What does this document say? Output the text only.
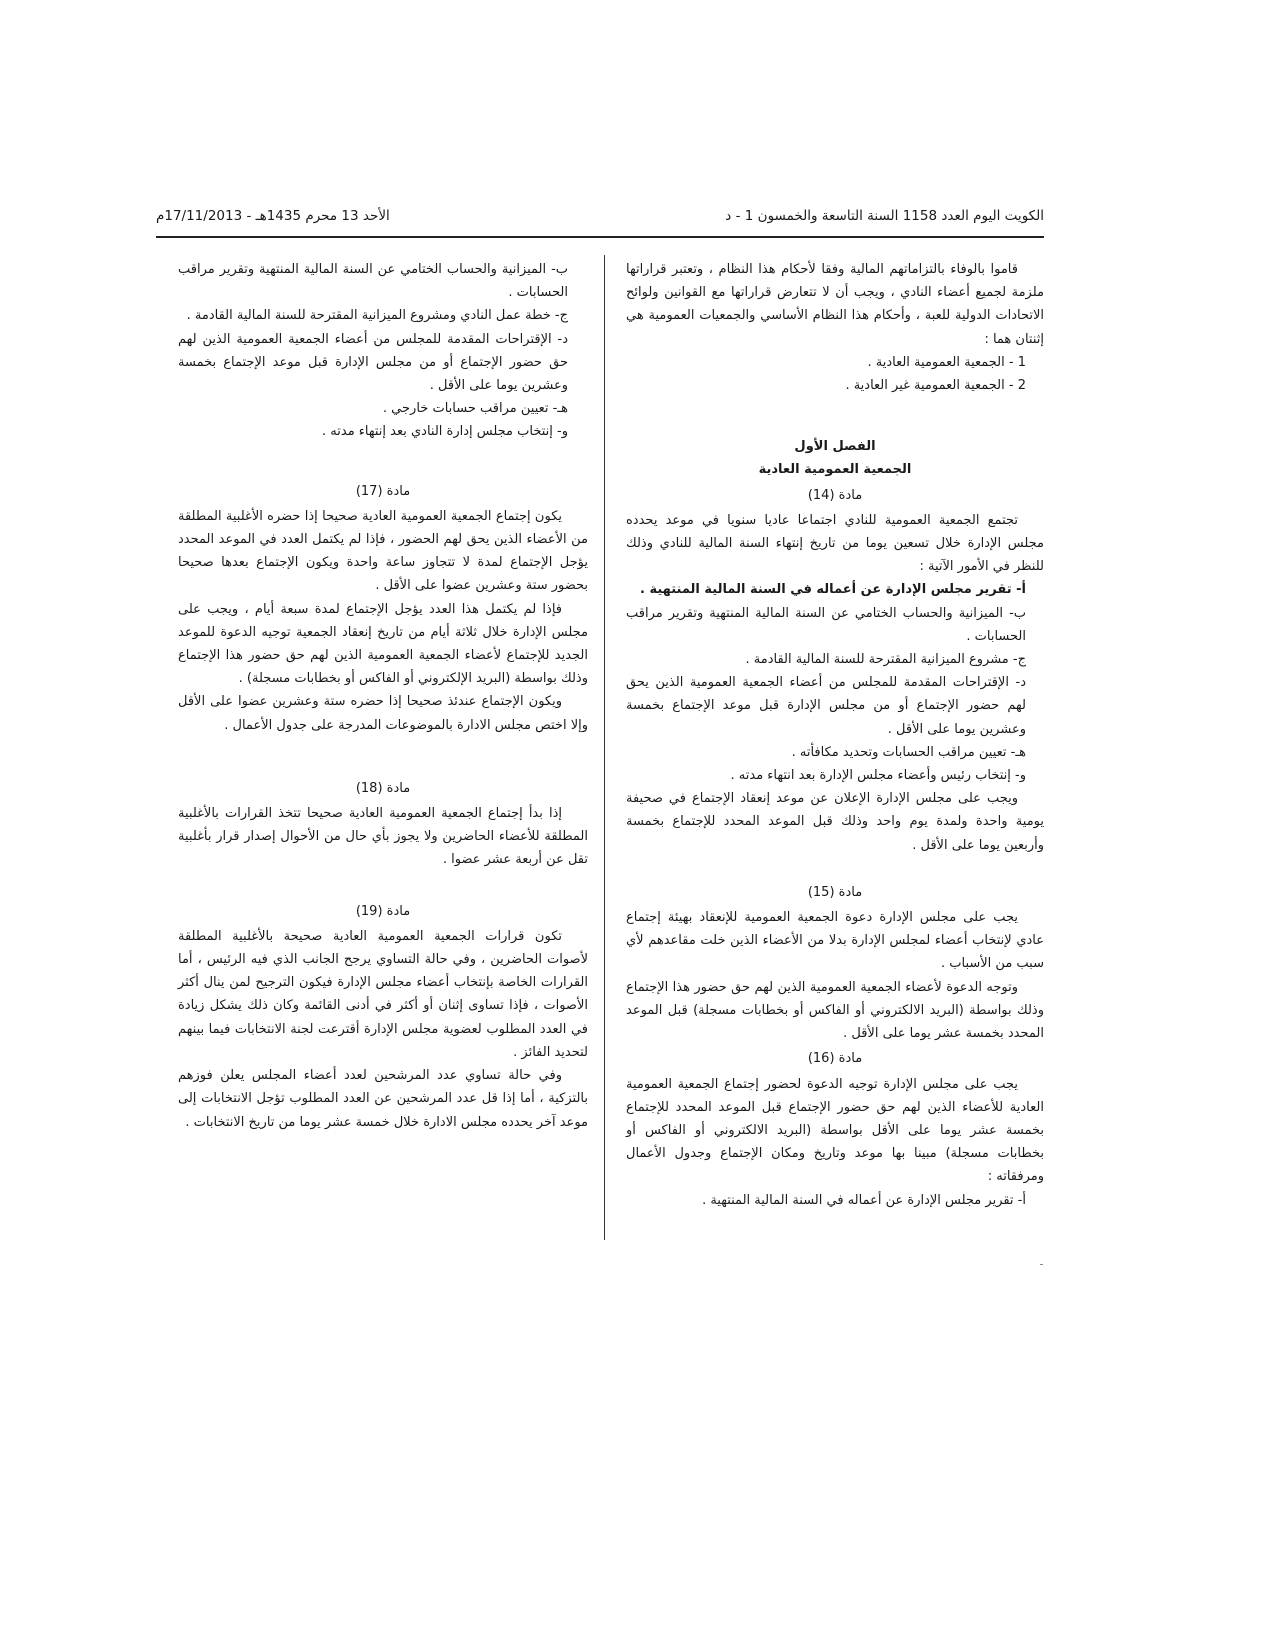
الكويت اليوم العدد 1158 السنة التاسعة والخمسون 1 - د
الأحد 13 محرم 1435هـ - 17/11/2013م

قاموا بالوفاء بالتزاماتهم المالية وفقا لأحكام هذا النظام ، وتعتبر قراراتها ملزمة لجميع أعضاء النادي ، ويجب أن لا تتعارض قراراتها مع القوانين ولوائح الاتحادات الدولية للعبة ، وأحكام هذا النظام الأساسي والجمعيات العمومية هي إثنتان هما :

1 - الجمعية العمومية العادية .

2 - الجمعية العمومية غير العادية .

الفصل الأول
الجمعية العمومية العادية
مادة (14)

تجتمع الجمعية العمومية للنادي اجتماعا عاديا سنويا في موعد يحدده مجلس الإدارة خلال تسعين يوما من تاريخ إنتهاء السنة المالية للنادي وذلك للنظر في الأمور الآتية :

أ- تقرير مجلس الإدارة عن أعماله في السنة المالية المنتهية .

ب- الميزانية والحساب الختامي عن السنة المالية المنتهية وتقرير مراقب الحسابات .

ج- مشروع الميزانية المقترحة للسنة المالية القادمة .

د- الإقتراحات المقدمة للمجلس من أعضاء الجمعية العمومية الذين يحق لهم حضور الإجتماع أو من مجلس الإدارة قبل موعد الإجتماع بخمسة وعشرين يوما على الأقل .

هـ- تعيين مراقب الحسابات وتحديد مكافأته .

و- إنتخاب رئيس وأعضاء مجلس الإدارة بعد انتهاء مدته .

ويجب على مجلس الإدارة الإعلان عن موعد إنعقاد الإجتماع في صحيفة يومية واحدة ولمدة يوم واحد وذلك قبل الموعد المحدد للإجتماع بخمسة وأربعين يوما على الأقل .

مادة (15)

يجب على مجلس الإدارة دعوة الجمعية العمومية للإنعقاد بهيئة إجتماع عادي لإنتخاب أعضاء لمجلس الإدارة بدلا من الأعضاء الذين خلت مقاعدهم لأي سبب من الأسباب .

وتوجه الدعوة لأعضاء الجمعية العمومية الذين لهم حق حضور هذا الإجتماع وذلك بواسطة (البريد الالكتروني أو الفاكس أو بخطابات مسجلة) قبل الموعد المحدد بخمسة عشر يوما على الأقل .

مادة (16)

يجب على مجلس الإدارة توجيه الدعوة لحضور إجتماع الجمعية العمومية العادية للأعضاء الذين لهم حق حضور الإجتماع قبل الموعد المحدد للإجتماع بخمسة عشر يوما على الأقل بواسطة (البريد الالكتروني أو الفاكس أو بخطابات مسجلة) مبينا بها موعد وتاريخ ومكان الإجتماع وجدول الأعمال ومرفقاته :

أ- تقرير مجلس الإدارة عن أعماله في السنة المالية المنتهية .

ب- الميزانية والحساب الختامي عن السنة المالية المنتهية وتقرير مراقب الحسابات .

ج- خطة عمل النادي ومشروع الميزانية المقترحة للسنة المالية القادمة .

د- الإقتراحات المقدمة للمجلس من أعضاء الجمعية العمومية الذين لهم حق حضور الإجتماع أو من مجلس الإدارة قبل موعد الإجتماع بخمسة وعشرين يوما على الأقل .

هـ- تعيين مراقب حسابات خارجي .

و- إنتخاب مجلس إدارة النادي بعد إنتهاء مدته .

مادة (17)

يكون إجتماع الجمعية العمومية العادية صحيحا إذا حضره الأغلبية المطلقة من الأعضاء الذين يحق لهم الحضور ، فإذا لم يكتمل العدد في الموعد المحدد يؤجل الإجتماع لمدة لا تتجاوز ساعة واحدة ويكون الإجتماع بعدها صحيحا بحضور ستة وعشرين عضوا على الأقل .

فإذا لم يكتمل هذا العدد يؤجل الإجتماع لمدة سبعة أيام ، ويجب على مجلس الإدارة خلال ثلاثة أيام من تاريخ إنعقاد الجمعية توجيه الدعوة للموعد الجديد للإجتماع لأعضاء الجمعية العمومية الذين لهم حق حضور هذا الإجتماع وذلك بواسطة (البريد الإلكتروني أو الفاكس أو بخطابات مسجلة) .

ويكون الإجتماع عندئذ صحيحا إذا حضره ستة وعشرين عضوا على الأقل وإلا اختص مجلس الادارة بالموضوعات المدرجة على جدول الأعمال .

مادة (18)

إذا بدأ إجتماع الجمعية العمومية العادية صحيحا تتخذ القرارات بالأغلبية المطلقة للأعضاء الحاضرين ولا يجوز بأي حال من الأحوال إصدار قرار بأغلبية تقل عن أربعة عشر عضوا .

مادة (19)

تكون قرارات الجمعية العمومية العادية صحيحة بالأغلبية المطلقة لأصوات الحاضرين ، وفي حالة التساوي يرجح الجانب الذي فيه الرئيس ، أما القرارات الخاصة بإنتخاب أعضاء مجلس الإدارة فيكون الترجيح لمن ينال أكثر الأصوات ، فإذا تساوى إثنان أو أكثر في أدنى القائمة وكان ذلك يشكل زيادة في العدد المطلوب لعضوية مجلس الإدارة أقترعت لجنة الانتخابات فيما بينهم لتحديد الفائز .

وفي حالة تساوي عدد المرشحين لعدد أعضاء المجلس يعلن فوزهم بالتزكية ، أما إذا قل عدد المرشحين عن العدد المطلوب تؤجل الانتخابات إلى موعد آخر يحدده مجلس الادارة خلال خمسة عشر يوما من تاريخ الانتخابات .
